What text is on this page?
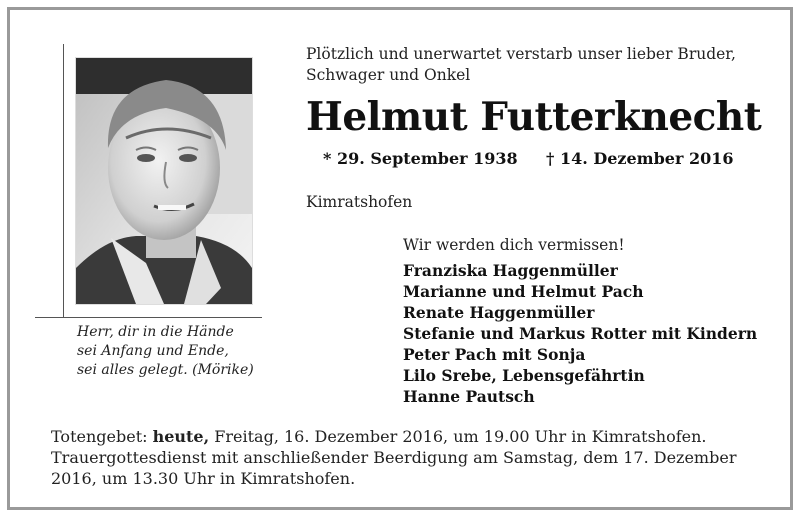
Herr, dir in die Hände
sei Anfang und Ende,
sei alles gelegt. (Mörike)
Plötzlich und unerwartet verstarb unser lieber Bruder,
Schwager und Onkel
Helmut Futterknecht
* 29. September 1938 † 14. Dezember 2016
Kimratshofen
Wir werden dich vermissen!
Franziska Haggenmüller
Marianne und Helmut Pach
Renate Haggenmüller
Stefanie und Markus Rotter mit Kindern
Peter Pach mit Sonja
Lilo Srebe, Lebensgefährtin
Hanne Pautsch
Totengebet: heute, Freitag, 16. Dezember 2016, um 19.00 Uhr in Kimratshofen.
Trauergottesdienst mit anschließender Beerdigung am Samstag, dem 17. Dezember
2016, um 13.30 Uhr in Kimratshofen.
